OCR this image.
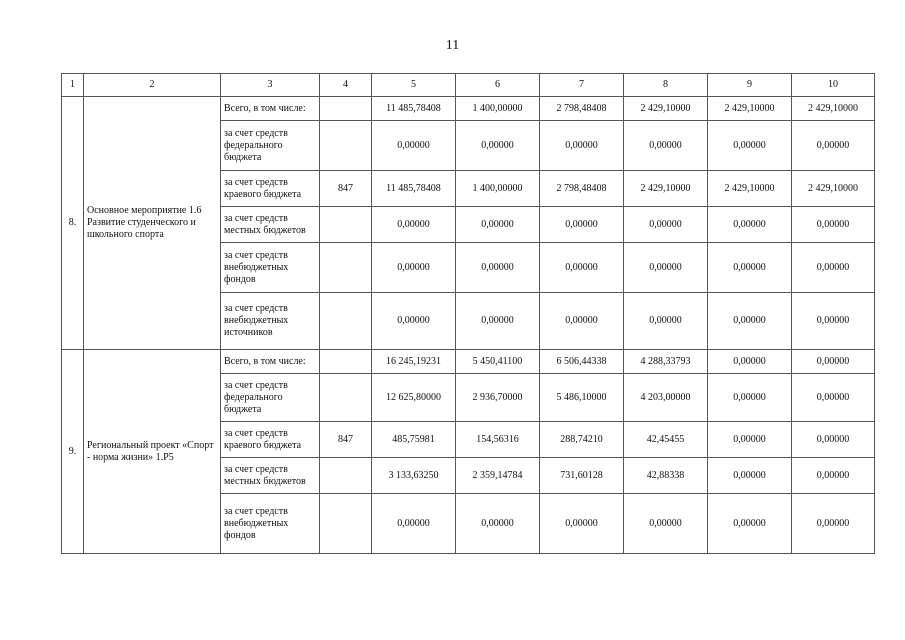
11
1	2	3	4	5	6	7	8	9	10
8.	Основное мероприятие 1.6 Развитие студенческого и школьного спорта	Всего, в том числе:		11 485,78408	1 400,00000	2 798,48408	2 429,10000	2 429,10000	2 429,10000
		за счет средств федерального бюджета		0,00000	0,00000	0,00000	0,00000	0,00000	0,00000
		за счет средств краевого бюджета	847	11 485,78408	1 400,00000	2 798,48408	2 429,10000	2 429,10000	2 429,10000
		за счет средств местных бюджетов		0,00000	0,00000	0,00000	0,00000	0,00000	0,00000
		за счет средств внебюджетных фондов		0,00000	0,00000	0,00000	0,00000	0,00000	0,00000
		за счет средств внебюджетных источников		0,00000	0,00000	0,00000	0,00000	0,00000	0,00000
9.	Региональный проект «Спорт - норма жизни» 1.P5	Всего, в том числе:		16 245,19231	5 450,41100	6 506,44338	4 288,33793	0,00000	0,00000
		за счет средств федерального бюджета		12 625,80000	2 936,70000	5 486,10000	4 203,00000	0,00000	0,00000
		за счет средств краевого бюджета	847	485,75981	154,56316	288,74210	42,45455	0,00000	0,00000
		за счет средств местных бюджетов		3 133,63250	2 359,14784	731,60128	42,88338	0,00000	0,00000
		за счет средств внебюджетных фондов		0,00000	0,00000	0,00000	0,00000	0,00000	0,00000
